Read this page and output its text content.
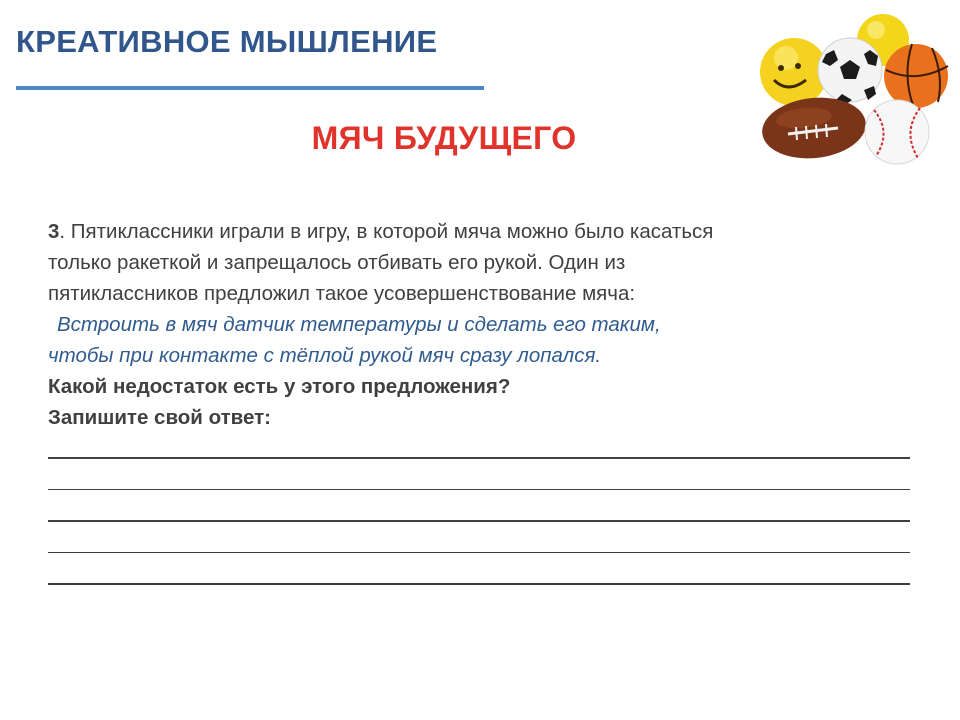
КРЕАТИВНОЕ МЫШЛЕНИЕ
МЯЧ БУДУЩЕГО
3. Пятиклассники играли в игру, в которой мяча можно было касаться
только ракеткой и запрещалось отбивать его рукой. Один из
пятиклассников предложил такое усовершенствование мяча:
Встроить в мяч датчик температуры и сделать его таким,
чтобы при контакте с тёплой рукой мяч сразу лопался.
Какой недостаток есть у этого предложения?
Запишите свой ответ:
